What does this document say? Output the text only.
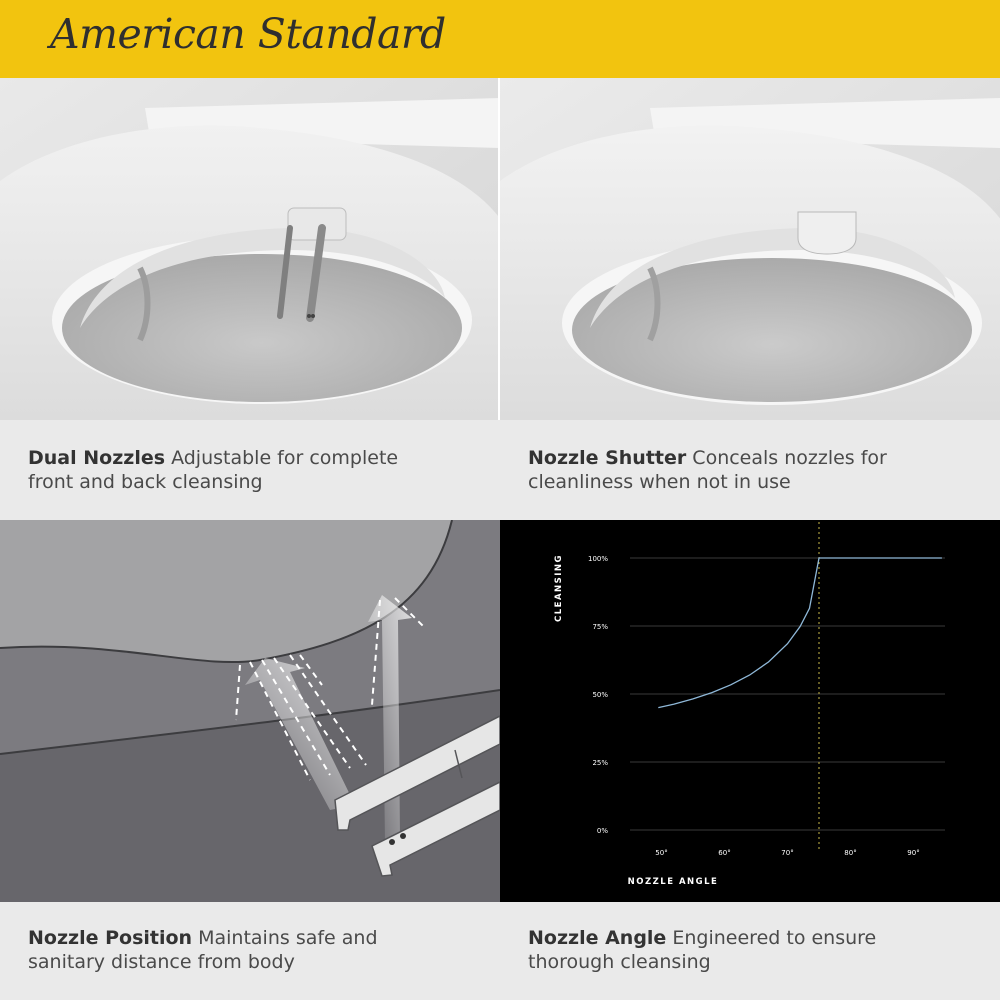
American Standard
Dual Nozzles Adjustable for complete
front and back cleansing
Nozzle Shutter Conceals nozzles for
cleanliness when not in use
0%
25%
50%
75%
100%
50°	60°	70°	80°	90°
CLEANSING
NOZZLE ANGLE
Nozzle Position Maintains safe and
sanitary distance from body
Nozzle Angle Engineered to ensure
thorough cleansing
